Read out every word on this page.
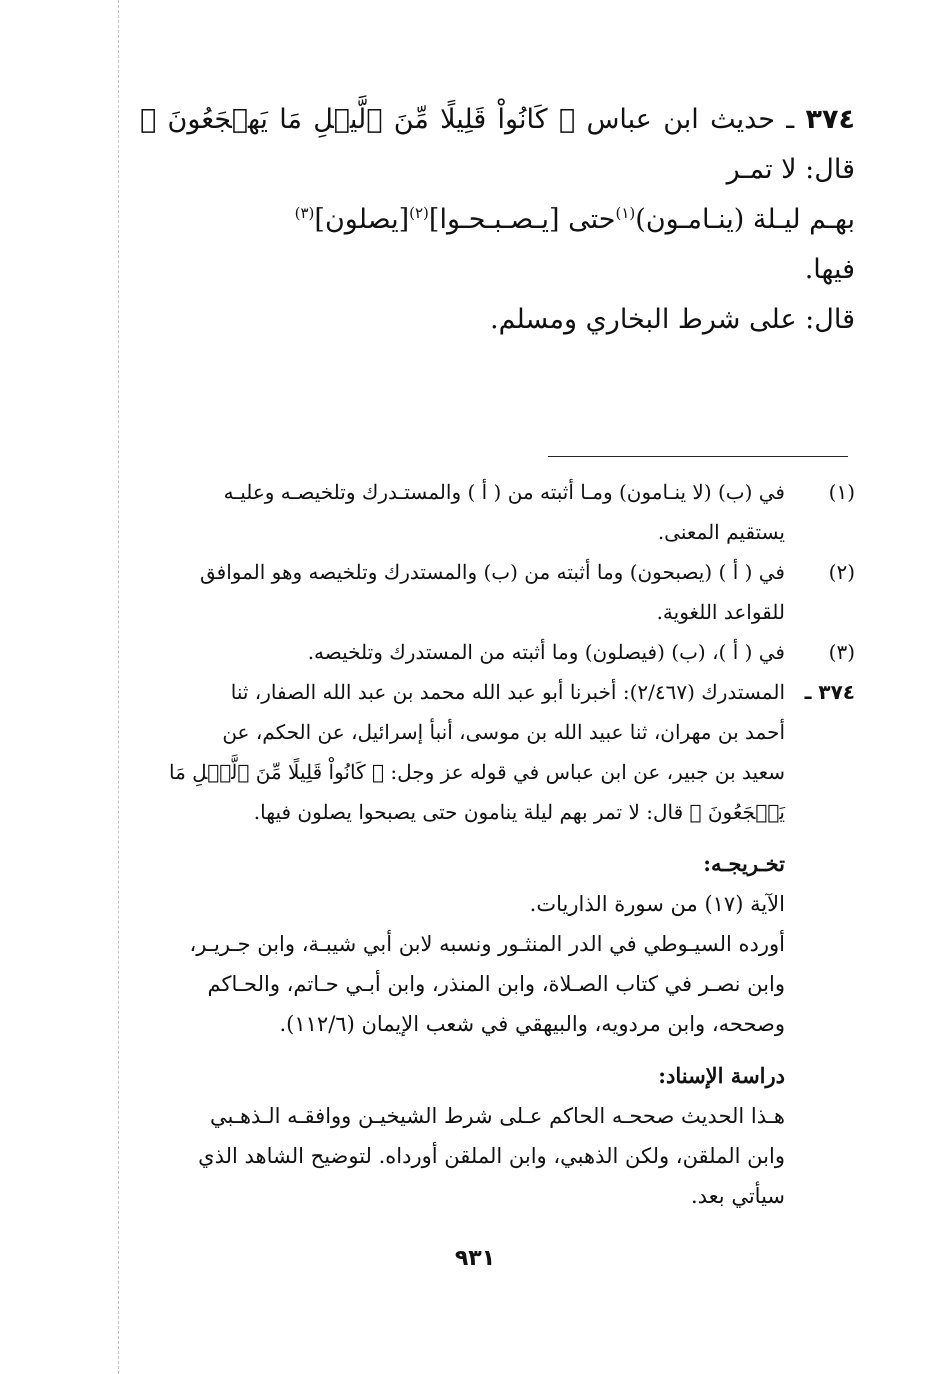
٣٧٤ ـ حديث ابن عباس ﴿ كَانُواْ قَلِيلًا مِّنَ ٱلَّيۡلِ مَا يَهۡجَعُونَ ﴾ قال: لا تمـر

بهـم ليـلة (ينـامـون)$^{(١)}$حتى [يـصـبـحـوا]$^{(٢)}$[يصلون]$^{(٣)}$

فيها.

قال: على شرط البخاري ومسلم.

(١)

في (ب) (لا ينـامون) ومـا أثبته من ( أ ) والمستـدرك وتلخيصـه وعليـه

يستقيم المعنى.

(٢)

في ( أ ) (يصبحون) وما أثبته من (ب) والمستدرك وتلخيصه وهو الموافق

للقواعد اللغوية.

(٣)

في ( أ )، (ب) (فيصلون) وما أثبته من المستدرك وتلخيصه.

٣٧٤ ـ

المستدرك (٢/٤٦٧): أخبرنا أبو عبد الله محمد بن عبد الله الصفار، ثنا

أحمد بن مهران، ثنا عبيد الله بن موسى، أنبأ إسرائيل، عن الحكم، عن

سعيد بن جبير، عن ابن عباس في قوله عز وجل: ﴿ كَانُواْ قَلِيلًا مِّنَ ٱلَّيۡلِ مَا

يَهۡجَعُونَ ﴾ قال: لا تمر بهم ليلة ينامون حتى يصبحوا يصلون فيها.

تخـريجـه:
الآية (١٧) من سورة الذاريات.
أورده السيـوطي في الدر المنثـور ونسبه لابن أبي شيبـة، وابن جـريـر،
وابن نصـر في كتاب الصـلاة، وابن المنذر، وابن أبـي حـاتم، والحـاكم
وصححه، وابن مردويه، والبيهقي في شعب الإيمان (١١٢/٦).
دراسة الإسناد:
هـذا الحديث صححـه الحاكم عـلى شرط الشيخيـن ووافقـه الـذهـبي
وابن الملقن، ولكن الذهبي، وابن الملقن أورداه. لتوضيح الشاهد الذي
سيأتي بعد.
٩٣١
